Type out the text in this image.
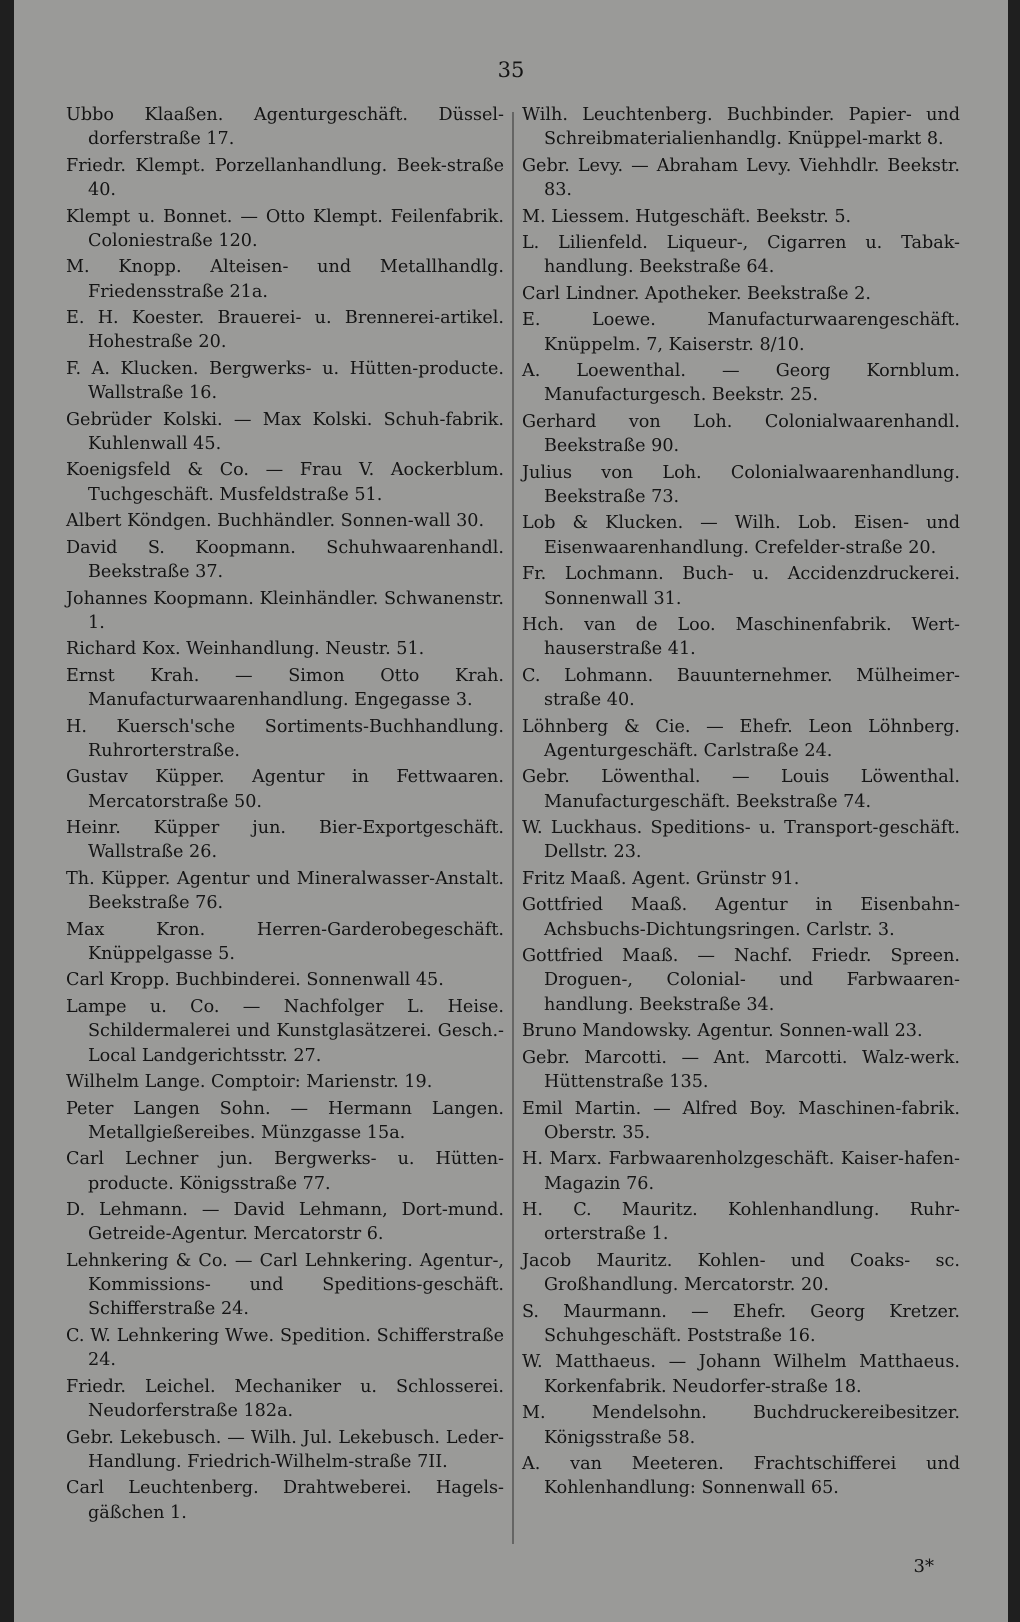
35

Ubbo Klaaßen. Agenturgeschäft. Düssel-dorferstraße 17.

Friedr. Klempt. Porzellanhandlung. Beek-straße 40.

Klempt u. Bonnet. — Otto Klempt. Feilenfabrik. Coloniestraße 120.

M. Knopp. Alteisen- und Metallhandlg. Friedensstraße 21a.

E. H. Koester. Brauerei- u. Brennerei-artikel. Hohestraße 20.

F. A. Klucken. Bergwerks- u. Hütten-producte. Wallstraße 16.

Gebrüder Kolski. — Max Kolski. Schuh-fabrik. Kuhlenwall 45.

Koenigsfeld & Co. — Frau V. Aockerblum. Tuchgeschäft. Musfeldstraße 51.

Albert Köndgen. Buchhändler. Sonnen-wall 30.

David S. Koopmann. Schuhwaarenhandl. Beekstraße 37.

Johannes Koopmann. Kleinhändler. Schwanenstr. 1.

Richard Kox. Weinhandlung. Neustr. 51.

Ernst Krah. — Simon Otto Krah. Manufacturwaarenhandlung. Engegasse 3.

H. Kuersch'sche Sortiments-Buchhandlung. Ruhrorterstraße.

Gustav Küpper. Agentur in Fettwaaren. Mercatorstraße 50.

Heinr. Küpper jun. Bier-Exportgeschäft. Wallstraße 26.

Th. Küpper. Agentur und Mineralwasser-Anstalt. Beekstraße 76.

Max Kron. Herren-Garderobegeschäft. Knüppelgasse 5.

Carl Kropp. Buchbinderei. Sonnenwall 45.

Lampe u. Co. — Nachfolger L. Heise. Schildermalerei und Kunstglasätzerei. Gesch.-Local Landgerichtsstr. 27.

Wilhelm Lange. Comptoir: Marienstr. 19.

Peter Langen Sohn. — Hermann Langen. Metallgießereibes. Münzgasse 15a.

Carl Lechner jun. Bergwerks- u. Hütten-producte. Königsstraße 77.

D. Lehmann. — David Lehmann, Dort-mund. Getreide-Agentur. Mercatorstr 6.

Lehnkering & Co. — Carl Lehnkering. Agentur-, Kommissions- und Speditions-geschäft. Schifferstraße 24.

C. W. Lehnkering Wwe. Spedition. Schifferstraße 24.

Friedr. Leichel. Mechaniker u. Schlosserei. Neudorferstraße 182a.

Gebr. Lekebusch. — Wilh. Jul. Lekebusch. Leder-Handlung. Friedrich-Wilhelm-straße 7II.

Carl Leuchtenberg. Drahtweberei. Hagels-gäßchen 1.

Wilh. Leuchtenberg. Buchbinder. Papier- und Schreibmaterialienhandlg. Knüppel-markt 8.

Gebr. Levy. — Abraham Levy. Viehhdlr. Beekstr. 83.

M. Liessem. Hutgeschäft. Beekstr. 5.

L. Lilienfeld. Liqueur-, Cigarren u. Tabak-handlung. Beekstraße 64.

Carl Lindner. Apotheker. Beekstraße 2.

E. Loewe. Manufacturwaarengeschäft. Knüppelm. 7, Kaiserstr. 8/10.

A. Loewenthal. — Georg Kornblum. Manufacturgesch. Beekstr. 25.

Gerhard von Loh. Colonialwaarenhandl. Beekstraße 90.

Julius von Loh. Colonialwaarenhandlung. Beekstraße 73.

Lob & Klucken. — Wilh. Lob. Eisen- und Eisenwaarenhandlung. Crefelder-straße 20.

Fr. Lochmann. Buch- u. Accidenzdruckerei. Sonnenwall 31.

Hch. van de Loo. Maschinenfabrik. Wert-hauserstraße 41.

C. Lohmann. Bauunternehmer. Mülheimer-straße 40.

Löhnberg & Cie. — Ehefr. Leon Löhnberg. Agenturgeschäft. Carlstraße 24.

Gebr. Löwenthal. — Louis Löwenthal. Manufacturgeschäft. Beekstraße 74.

W. Luckhaus. Speditions- u. Transport-geschäft. Dellstr. 23.

Fritz Maaß. Agent. Grünstr 91.

Gottfried Maaß. Agentur in Eisenbahn-Achsbuchs-Dichtungsringen. Carlstr. 3.

Gottfried Maaß. — Nachf. Friedr. Spreen. Droguen-, Colonial- und Farbwaaren-handlung. Beekstraße 34.

Bruno Mandowsky. Agentur. Sonnen-wall 23.

Gebr. Marcotti. — Ant. Marcotti. Walz-werk. Hüttenstraße 135.

Emil Martin. — Alfred Boy. Maschinen-fabrik. Oberstr. 35.

H. Marx. Farbwaarenholzgeschäft. Kaiser-hafen-Magazin 76.

H. C. Mauritz. Kohlenhandlung. Ruhr-orterstraße 1.

Jacob Mauritz. Kohlen- und Coaks- sc. Großhandlung. Mercatorstr. 20.

S. Maurmann. — Ehefr. Georg Kretzer. Schuhgeschäft. Poststraße 16.

W. Matthaeus. — Johann Wilhelm Matthaeus. Korkenfabrik. Neudorfer-straße 18.

M. Mendelsohn. Buchdruckereibesitzer. Königsstraße 58.

A. van Meeteren. Frachtschifferei und Kohlenhandlung: Sonnenwall 65.

3*
